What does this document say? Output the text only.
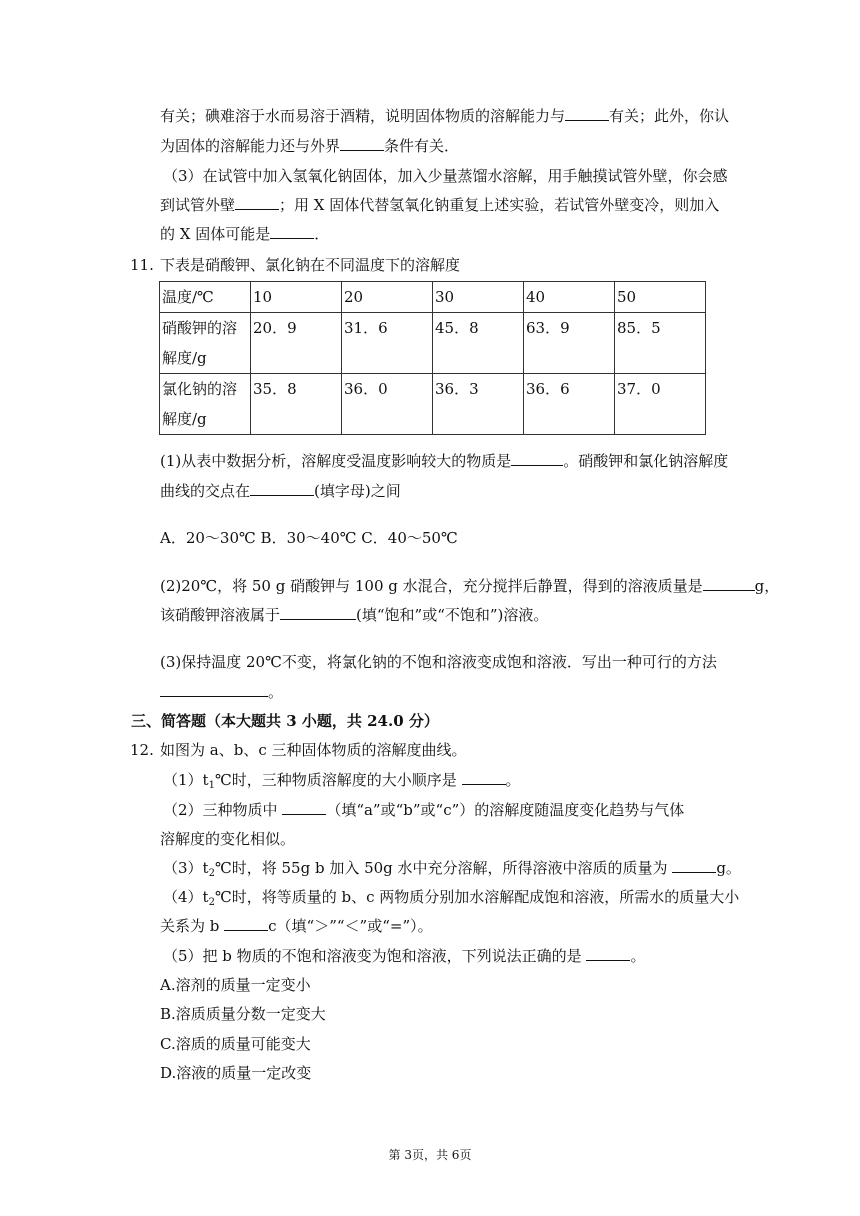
有关；碘难溶于水而易溶于酒精，说明固体物质的溶解能力与	有关；此外，你认
为固体的溶解能力还与外界	条件有关．
（3）在试管中加入氢氧化钠固体，加入少量蒸馏水溶解，用手触摸试管外壁，你会感
到试管外壁	；用 X 固体代替氢氧化钠重复上述实验，若试管外壁变冷，则加入
的 X 固体可能是	．
11. 下表是硝酸钾、氯化钠在不同温度下的溶解度
温度/℃	10	20	30	40	50

硝酸钾的溶
解度/g	20．9	31．6	45．8	63．9	85．5

氯化钠的溶
解度/g	35．8	36．0	36．3	36．6	37．0
(1)从表中数据分析，溶解度受温度影响较大的物质是	。硝酸钾和氯化钠溶解度
曲线的交点在	(填字母)之间
A．20～30℃ B．30～40℃ C．40～50℃
(2)20℃，将 50 g 硝酸钾与 100 g 水混合，充分搅拌后静置，得到的溶液质量是	g，
该硝酸钾溶液属于	(填“饱和”或“不饱和”)溶液。
(3)保持温度 20℃不变，将氯化钠的不饱和溶液变成饱和溶液．写出一种可行的方法
。
三、简答题（本大题共 3 小题，共 24.0 分）
12. 如图为 a、b、c 三种固体物质的溶解度曲线。
$(1)t_1℃$时，三种物质溶解度的大小顺序是	。
（2）三种物质中	（填“a”或“b”或“c”）的溶解度随温度变化趋势与气体
溶解度的变化相似。
$(3)t_2℃$时，将 55g b 加入 50g 水中充分溶解，所得溶液中溶质的质量为	g。
$(4)t_2℃$时，将等质量的 b、c 两物质分别加水溶解配成饱和溶液，所需水的质量大小
关系为 b	c（填“＞”“＜”或“=”）。
（5）把 b 物质的不饱和溶液变为饱和溶液，下列说法正确的是	。
A.溶剂的质量一定变小
B.溶质质量分数一定变大
C.溶质的质量可能变大
D.溶液的质量一定改变
第 3页，共 6页
